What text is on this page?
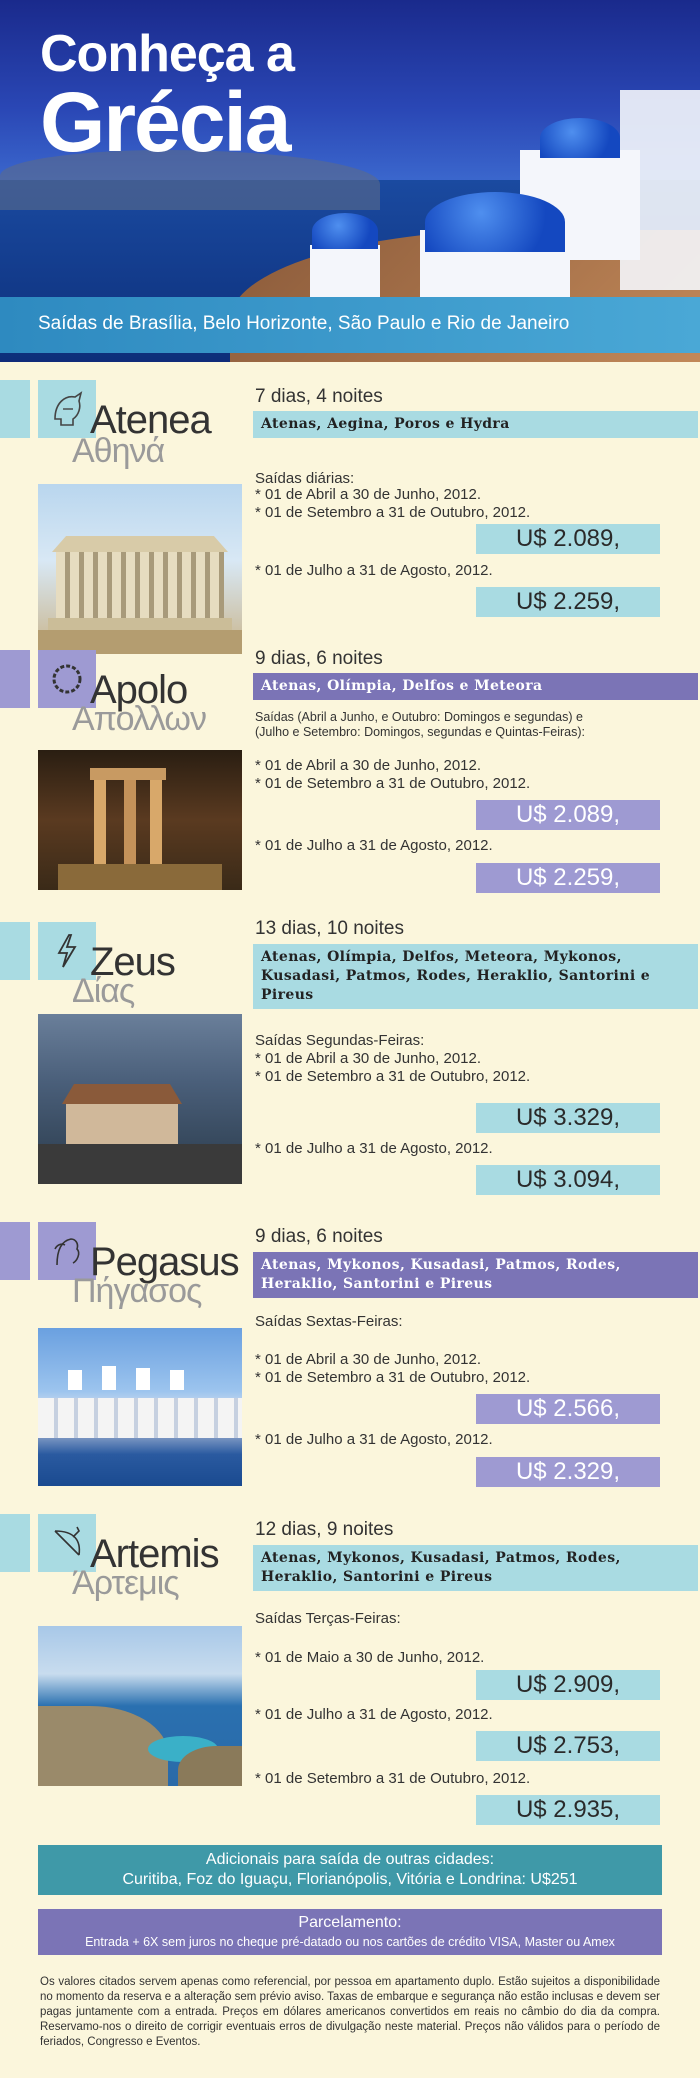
Conheça a
Grécia
Saídas de Brasília, Belo Horizonte, São Paulo e Rio de Janeiro
Atenea
Αθηνά
7 dias, 4 noites
Atenas, Aegina, Poros e Hydra
Saídas diárias:
* 01 de Abril a 30 de Junho, 2012.
* 01 de Setembro a 31 de Outubro, 2012.
U$ 2.089,
* 01 de Julho a 31 de Agosto, 2012.
U$ 2.259,
Apolo
Απολλων
9 dias, 6 noites
Atenas, Olímpia, Delfos e Meteora
Saídas (Abril a Junho, e Outubro: Domingos e segundas) e
(Julho e Setembro: Domingos, segundas e Quintas-Feiras):
* 01 de Abril a 30 de Junho, 2012.
* 01 de Setembro a 31 de Outubro, 2012.
U$ 2.089,
* 01 de Julho a 31 de Agosto, 2012.
U$ 2.259,
Zeus
Δίας
13 dias, 10 noites
Atenas, Olímpia, Delfos, Meteora, Mykonos, Kusadasi, Patmos, Rodes, Heraklio, Santorini e Pireus
Saídas Segundas-Feiras:
* 01 de Abril a 30 de Junho, 2012.
* 01 de Setembro a 31 de Outubro, 2012.
U$ 3.329,
* 01 de Julho a 31 de Agosto, 2012.
U$ 3.094,
Pegasus
Πήγασος
9 dias, 6 noites
Atenas, Mykonos, Kusadasi, Patmos, Rodes, Heraklio, Santorini e Pireus
Saídas Sextas-Feiras:
* 01 de Abril a 30 de Junho, 2012.
* 01 de Setembro a 31 de Outubro, 2012.
U$ 2.566,
* 01 de Julho a 31 de Agosto, 2012.
U$ 2.329,
Artemis
Άρτεμις
12 dias, 9 noites
Atenas, Mykonos, Kusadasi, Patmos, Rodes, Heraklio, Santorini e Pireus
Saídas Terças-Feiras:
* 01 de Maio a 30 de Junho, 2012.
U$ 2.909,
* 01 de Julho a 31 de Agosto, 2012.
U$ 2.753,
* 01 de Setembro a 31 de Outubro, 2012.
U$ 2.935,
Adicionais para saída de outras cidades:
Curitiba, Foz do Iguaçu, Florianópolis, Vitória e Londrina: U$251
Parcelamento:
Entrada + 6X sem juros no cheque pré-datado ou nos cartões de crédito VISA, Master ou Amex
Os valores citados servem apenas como referencial, por pessoa em apartamento duplo. Estão sujeitos a disponibilidade no momento da reserva e a alteração sem prévio aviso. Taxas de embarque e segurança não estão inclusas e devem ser pagas juntamente com a entrada. Preços em dólares americanos convertidos em reais no câmbio do dia da compra. Reservamo-nos o direito de corrigir eventuais erros de divulgação neste material. Preços não válidos para o período de feriados, Congresso e Eventos.
